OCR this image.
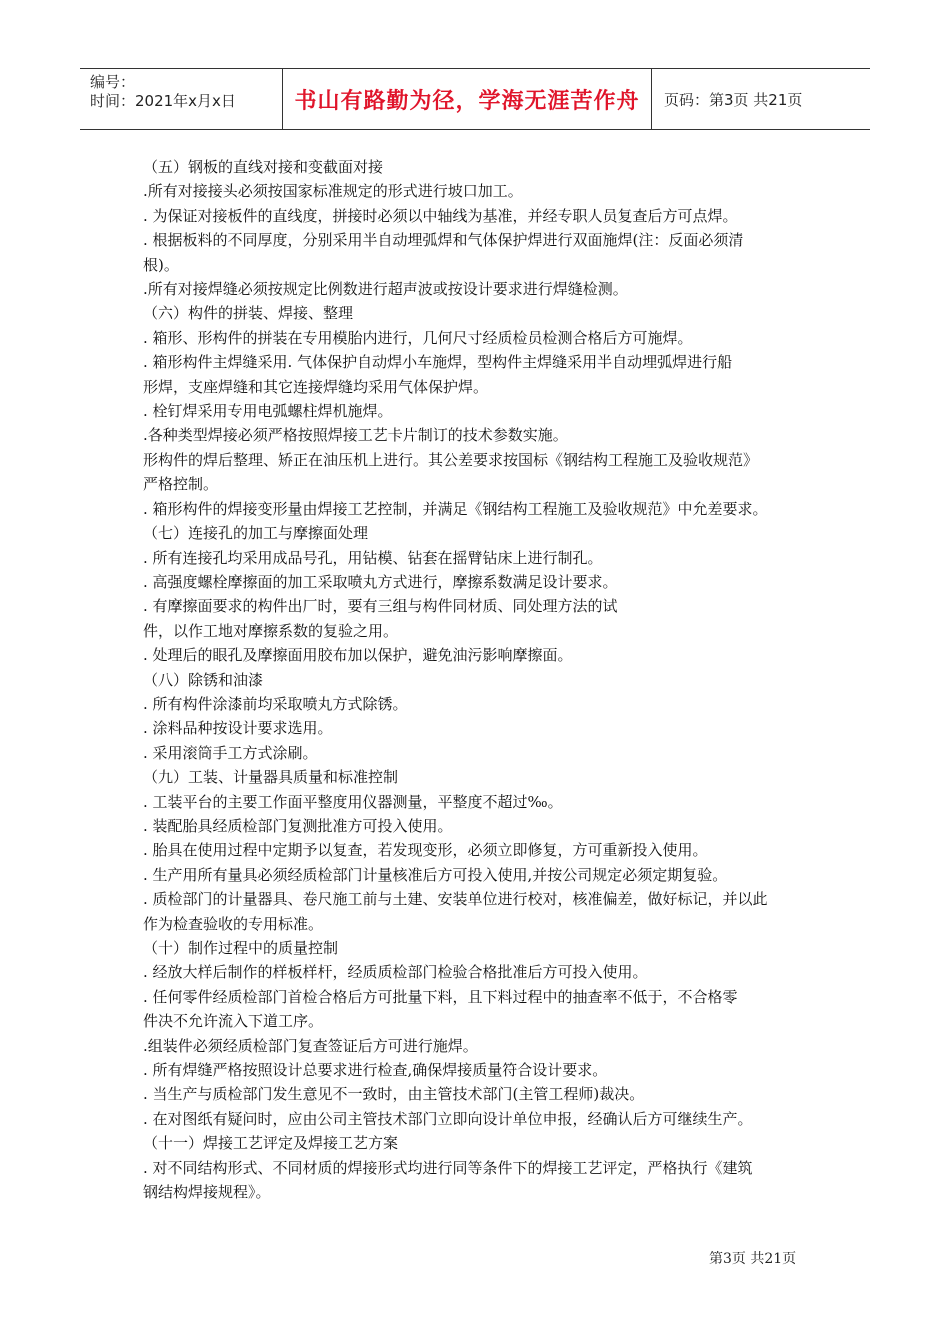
编号：
时间：2021年x月x日	书山有路勤为径，学海无涯苦作舟	页码：第3页 共21页

（五）钢板的直线对接和变截面对接

.所有对接接头必须按国家标准规定的形式进行坡口加工。

. 为保证对接板件的直线度，拼接时必须以中轴线为基准，并经专职人员复查后方可点焊。

. 根据板料的不同厚度，分别采用半自动埋弧焊和气体保护焊进行双面施焊(注：反面必须清

根)。

.所有对接焊缝必须按规定比例数进行超声波或按设计要求进行焊缝检测。

（六）构件的拼装、焊接、整理

. 箱形、形构件的拼装在专用模胎内进行，几何尺寸经质检员检测合格后方可施焊。

. 箱形构件主焊缝采用. 气体保护自动焊小车施焊，型构件主焊缝采用半自动埋弧焊进行船

形焊，支座焊缝和其它连接焊缝均采用气体保护焊。

. 栓钉焊采用专用电弧螺柱焊机施焊。

.各种类型焊接必须严格按照焊接工艺卡片制订的技术参数实施。

形构件的焊后整理、矫正在油压机上进行。其公差要求按国标《钢结构工程施工及验收规范》

严格控制。

. 箱形构件的焊接变形量由焊接工艺控制，并满足《钢结构工程施工及验收规范》中允差要求。

（七）连接孔的加工与摩擦面处理

. 所有连接孔均采用成品号孔，用钻模、钻套在摇臂钻床上进行制孔。

. 高强度螺栓摩擦面的加工采取喷丸方式进行，摩擦系数满足设计要求。

. 有摩擦面要求的构件出厂时，要有三组与构件同材质、同处理方法的试

件，以作工地对摩擦系数的复验之用。

. 处理后的眼孔及摩擦面用胶布加以保护，避免油污影响摩擦面。

（八）除锈和油漆

. 所有构件涂漆前均采取喷丸方式除锈。

. 涂料品种按设计要求选用。

. 采用滚筒手工方式涂刷。

（九）工装、计量器具质量和标准控制

. 工装平台的主要工作面平整度用仪器测量，平整度不超过‰。

. 装配胎具经质检部门复测批准方可投入使用。

. 胎具在使用过程中定期予以复查，若发现变形，必须立即修复，方可重新投入使用。

. 生产用所有量具必须经质检部门计量核准后方可投入使用,并按公司规定必须定期复验。

. 质检部门的计量器具、卷尺施工前与土建、安装单位进行校对，核准偏差，做好标记，并以此

作为检查验收的专用标准。

（十）制作过程中的质量控制

. 经放大样后制作的样板样杆，经质质检部门检验合格批准后方可投入使用。

. 任何零件经质检部门首检合格后方可批量下料，且下料过程中的抽查率不低于，不合格零

件决不允许流入下道工序。

.组装件必须经质检部门复查签证后方可进行施焊。

. 所有焊缝严格按照设计总要求进行检查,确保焊接质量符合设计要求。

. 当生产与质检部门发生意见不一致时，由主管技术部门(主管工程师)裁决。

. 在对图纸有疑问时，应由公司主管技术部门立即向设计单位申报，经确认后方可继续生产。

（十一）焊接工艺评定及焊接工艺方案

. 对不同结构形式、不同材质的焊接形式均进行同等条件下的焊接工艺评定，严格执行《建筑

钢结构焊接规程》。

第3页 共21页
